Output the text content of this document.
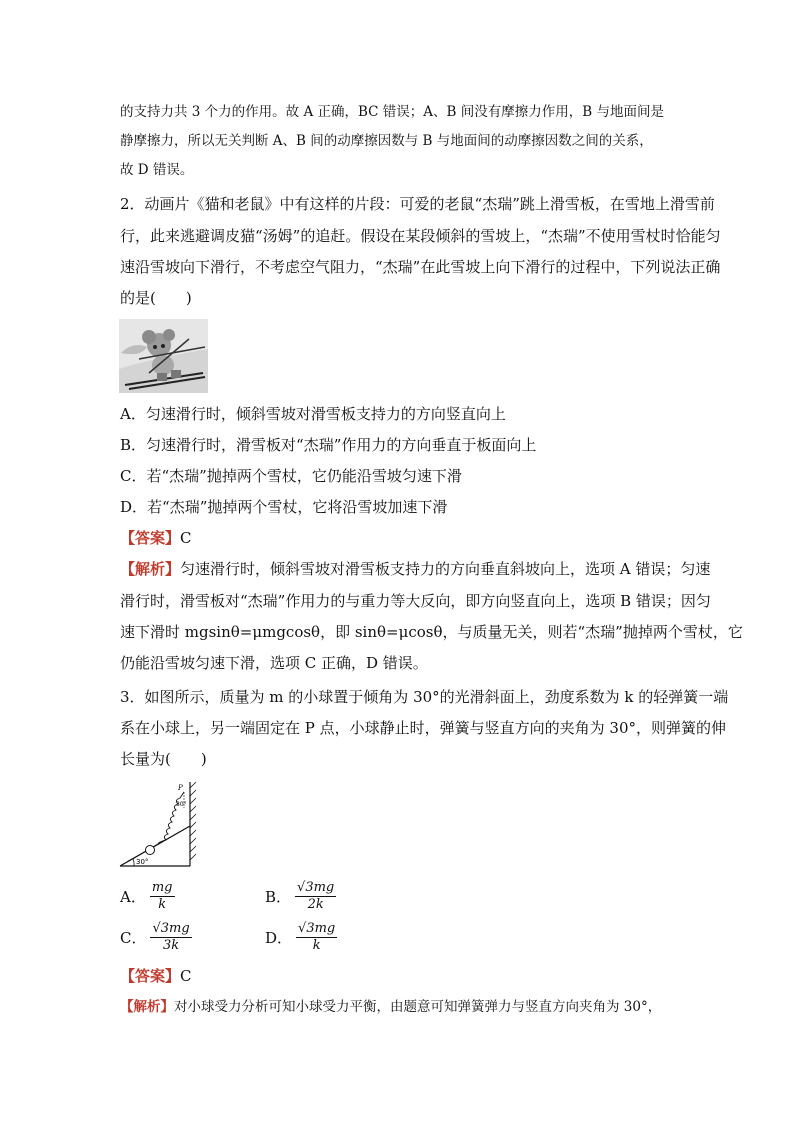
的支持力共 3 个力的作用。故 A 正确，BC 错误；A、B 间没有摩擦力作用，B 与地面间是
静摩擦力，所以无关判断 A、B 间的动摩擦因数与 B 与地面间的动摩擦因数之间的关系，
故 D 错误。
2．动画片《猫和老鼠》中有这样的片段：可爱的老鼠“杰瑞”跳上滑雪板，在雪地上滑雪前
行，此来逃避调皮猫“汤姆”的追赶。假设在某段倾斜的雪坡上，“杰瑞”不使用雪杖时恰能匀
速沿雪坡向下滑行，不考虑空气阻力，“杰瑞”在此雪坡上向下滑行的过程中，下列说法正确
的是(　　)
A．匀速滑行时，倾斜雪坡对滑雪板支持力的方向竖直向上
B．匀速滑行时，滑雪板对“杰瑞”作用力的方向垂直于板面向上
C．若“杰瑞”抛掉两个雪杖，它仍能沿雪坡匀速下滑
D．若“杰瑞”抛掉两个雪杖，它将沿雪坡加速下滑
【答案】C
【解析】匀速滑行时，倾斜雪坡对滑雪板支持力的方向垂直斜坡向上，选项 A 错误；匀速
滑行时，滑雪板对“杰瑞”作用力的与重力等大反向，即方向竖直向上，选项 B 错误；因匀
速下滑时 mgsinθ=μmgcosθ，即 sinθ=μcosθ，与质量无关，则若“杰瑞”抛掉两个雪杖，它
仍能沿雪坡匀速下滑，选项 C 正确，D 错误。
3．如图所示，质量为 m 的小球置于倾角为 30°的光滑斜面上，劲度系数为 k 的轻弹簧一端
系在小球上，另一端固定在 P 点，小球静止时，弹簧与竖直方向的夹角为 30°，则弹簧的伸
长量为(　　)
30°
P
30°
A． $\frac{mg}{k}$	B． $\frac{√3mg}{2k}$
C． $\frac{√3mg}{3k}$	D． $\frac{√3mg}{k}$
【答案】C
【解析】对小球受力分析可知小球受力平衡，由题意可知弹簧弹力与竖直方向夹角为 30°，
